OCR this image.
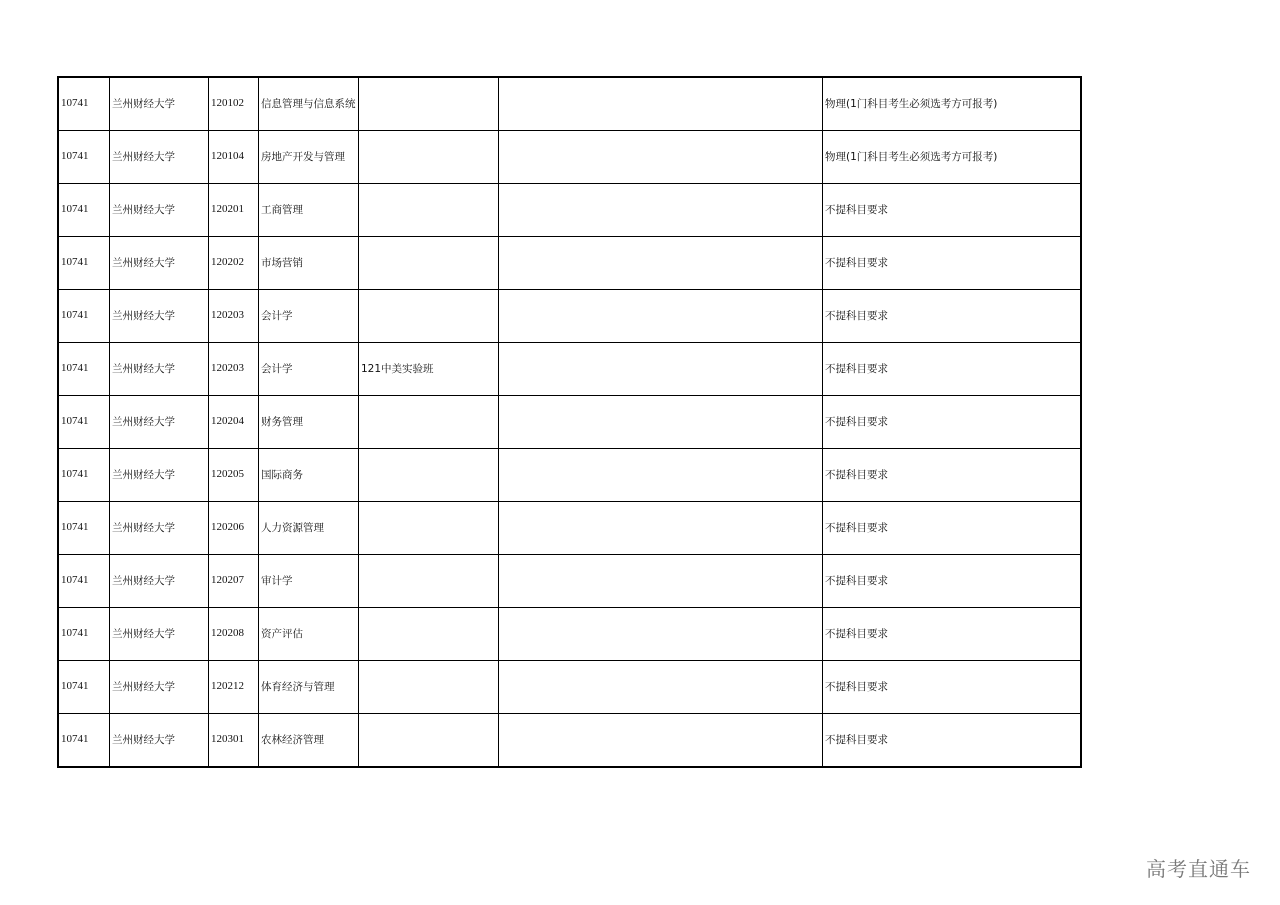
10741	兰州财经大学	120102	信息管理与信息系统			物理(1门科目考生必须选考方可报考)
10741	兰州财经大学	120104	房地产开发与管理			物理(1门科目考生必须选考方可报考)
10741	兰州财经大学	120201	工商管理			不提科目要求
10741	兰州财经大学	120202	市场营销			不提科目要求
10741	兰州财经大学	120203	会计学			不提科目要求
10741	兰州财经大学	120203	会计学	121中美实验班		不提科目要求
10741	兰州财经大学	120204	财务管理			不提科目要求
10741	兰州财经大学	120205	国际商务			不提科目要求
10741	兰州财经大学	120206	人力资源管理			不提科目要求
10741	兰州财经大学	120207	审计学			不提科目要求
10741	兰州财经大学	120208	资产评估			不提科目要求
10741	兰州财经大学	120212	体育经济与管理			不提科目要求
10741	兰州财经大学	120301	农林经济管理			不提科目要求
高考直通车
